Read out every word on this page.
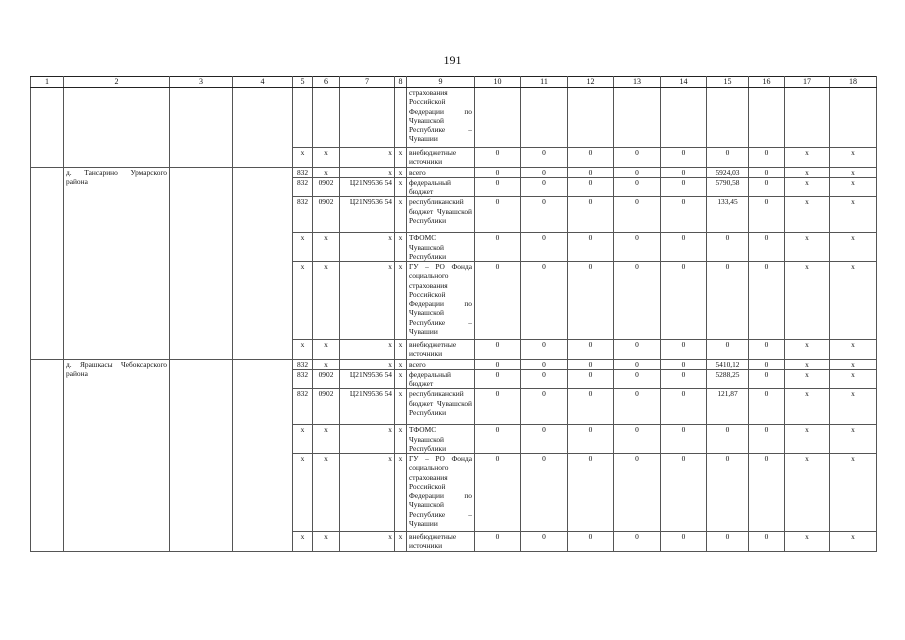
191
1	2	3	4	5	6	7	8	9	10	11	12	13	14	15	16	17	18
								страхования Российской Федерации по Чувашской Республике – Чувашии									
				x	x	x	x	внебюджетные источники	0	0	0	0	0	0	0	x	x
	д. Тансарино Урмарского района			832	x	x	x	всего	0	0	0	0	0	5924,03	0	x	x
				832	0902	Ц21N9536 54	x	федеральный бюджет	0	0	0	0	0	5790,58	0	x	x
				832	0902	Ц21N9536 54	x	республиканский бюджет Чувашской Республики	0	0	0	0	0	133,45	0	x	x
				x	x	x	x	ТФОМС Чувашской Республики	0	0	0	0	0	0	0	x	x
				x	x	x	x	ГУ – РО Фонда социального страхования Российской Федерации по Чувашской Республике – Чувашии	0	0	0	0	0	0	0	x	x
				x	x	x	x	внебюджетные источники	0	0	0	0	0	0	0	x	x
	д. Ярашкасы Чебоксарского района			832	x	x	x	всего	0	0	0	0	0	5410,12	0	x	x
				832	0902	Ц21N9536 54	x	федеральный бюджет	0	0	0	0	0	5288,25	0	x	x
				832	0902	Ц21N9536 54	x	республиканский бюджет Чувашской Республики	0	0	0	0	0	121,87	0	x	x
				x	x	x	x	ТФОМС Чувашской Республики	0	0	0	0	0	0	0	x	x
				x	x	x	x	ГУ – РО Фонда социального страхования Российской Федерации по Чувашской Республике – Чувашии	0	0	0	0	0	0	0	x	x
				x	x	x	x	внебюджетные источники	0	0	0	0	0	0	0	x	x
